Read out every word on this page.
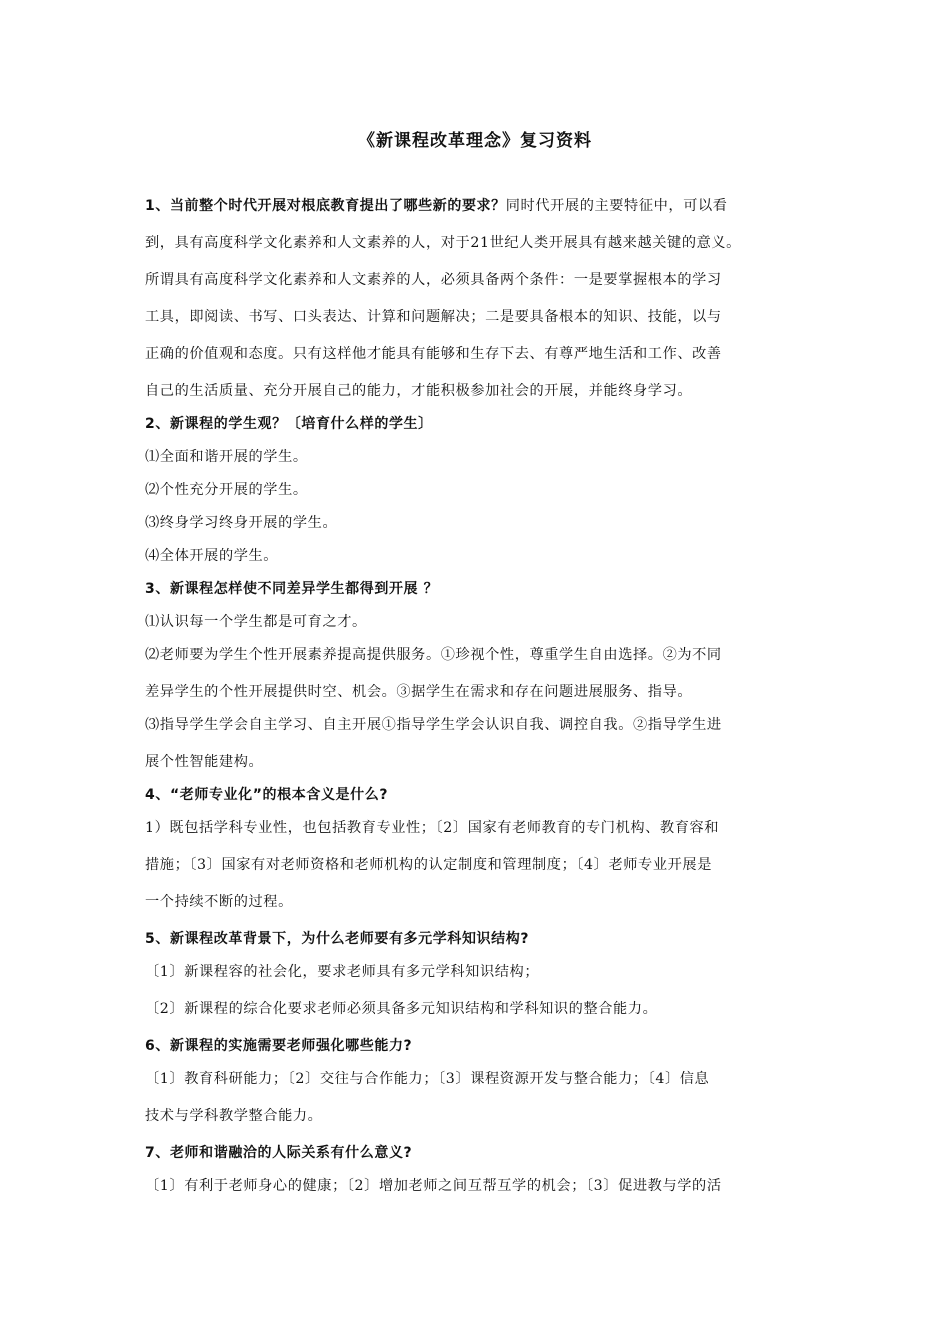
《新课程改革理念》复习资料
1、当前整个时代开展对根底教育提出了哪些新的要求？同时代开展的主要特征中，可以看
到，具有高度科学文化素养和人文素养的人，对于21世纪人类开展具有越来越关键的意义。
所谓具有高度科学文化素养和人文素养的人，必须具备两个条件：一是要掌握根本的学习
工具，即阅读、书写、口头表达、计算和问题解决；二是要具备根本的知识、技能，以与
正确的价值观和态度。只有这样他才能具有能够和生存下去、有尊严地生活和工作、改善
自己的生活质量、充分开展自己的能力，才能积极参加社会的开展，并能终身学习。
2、新课程的学生观？〔培育什么样的学生〕
⑴全面和谐开展的学生。
⑵个性充分开展的学生。
⑶终身学习终身开展的学生。
⑷全体开展的学生。
3、新课程怎样使不同差异学生都得到开展 ？
⑴认识每一个学生都是可育之才。
⑵老师要为学生个性开展素养提高提供服务。①珍视个性，尊重学生自由选择。②为不同
差异学生的个性开展提供时空、机会。③据学生在需求和存在问题进展服务、指导。
⑶指导学生学会自主学习、自主开展①指导学生学会认识自我、调控自我。②指导学生进
展个性智能建构。
4、“老师专业化”的根本含义是什么?
1）既包括学科专业性，也包括教育专业性；〔2〕国家有老师教育的专门机构、教育容和
措施；〔3〕国家有对老师资格和老师机构的认定制度和管理制度；〔4〕老师专业开展是
一个持续不断的过程。
5、新课程改革背景下，为什么老师要有多元学科知识结构?
〔1〕新课程容的社会化，要求老师具有多元学科知识结构；
〔2〕新课程的综合化要求老师必须具备多元知识结构和学科知识的整合能力。
6、新课程的实施需要老师强化哪些能力?
〔1〕教育科研能力；〔2〕交往与合作能力；〔3〕课程资源开发与整合能力；〔4〕信息
技术与学科教学整合能力。
7、老师和谐融洽的人际关系有什么意义?
〔1〕有利于老师身心的健康；〔2〕增加老师之间互帮互学的机会；〔3〕促进教与学的活
